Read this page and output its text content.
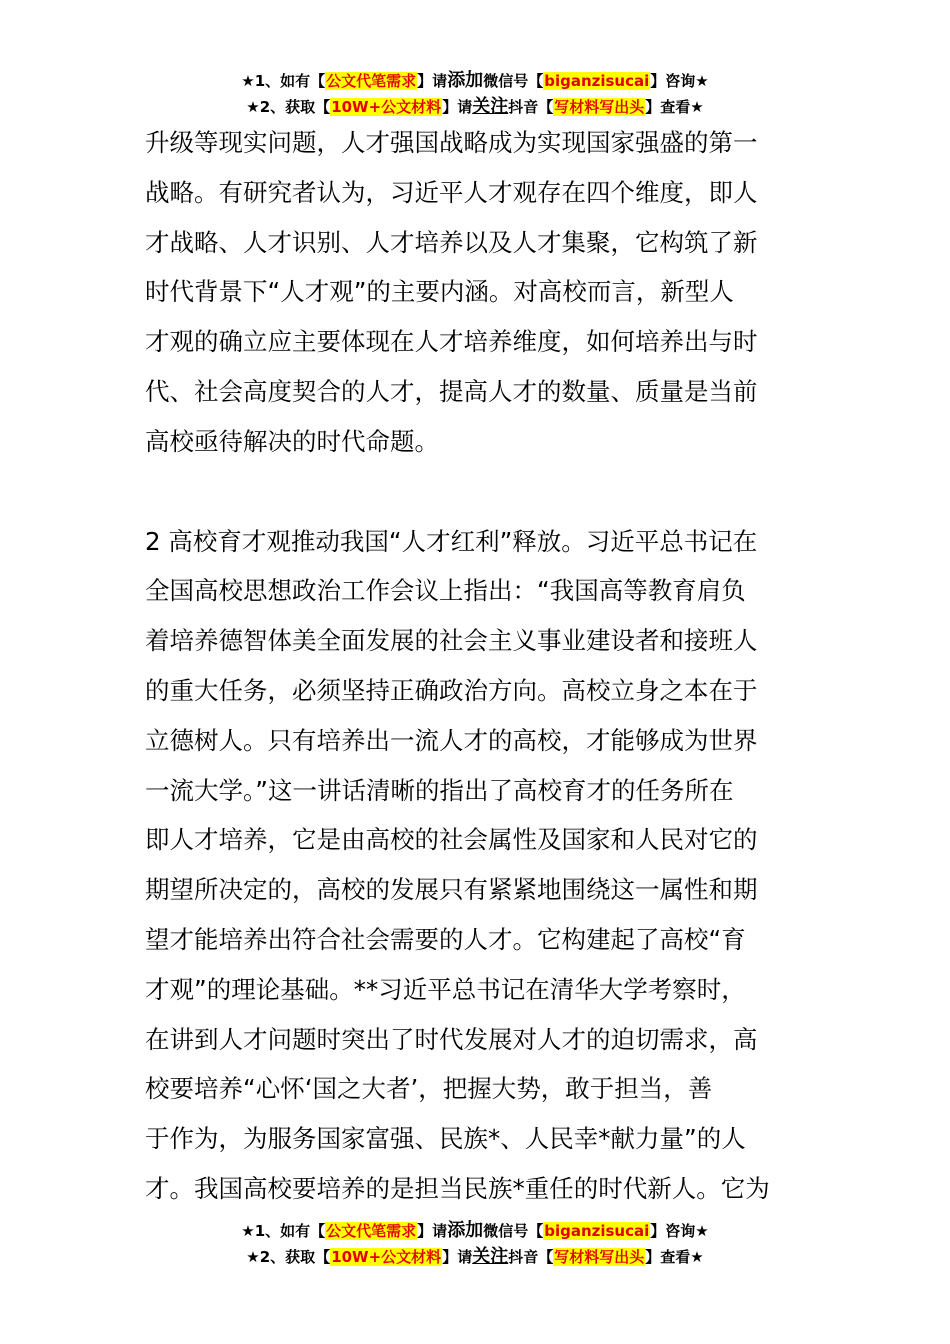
★1、如有【公文代笔需求】请添加微信号【biganzisucai】咨询★
★2、获取【10W+公文材料】请关注抖音【写材料写出头】查看★

升级等现实问题，人才强国战略成为实现国家强盛的第一
战略。有研究者认为，习近平人才观存在四个维度，即人
才战略、人才识别、人才培养以及人才集聚，它构筑了新
时代背景下“人才观”的主要内涵。对高校而言，新型人
才观的确立应主要体现在人才培养维度，如何培养出与时
代、社会高度契合的人才，提高人才的数量、质量是当前
高校亟待解决的时代命题。

2 高校育才观推动我国“人才红利”释放。习近平总书记在
全国高校思想政治工作会议上指出：“我国高等教育肩负
着培养德智体美全面发展的社会主义事业建设者和接班人
的重大任务，必须坚持正确政治方向。高校立身之本在于
立德树人。只有培养出一流人才的高校，才能够成为世界
一流大学。”这一讲话清晰的指出了高校育才的任务所在
即人才培养，它是由高校的社会属性及国家和人民对它的
期望所决定的，高校的发展只有紧紧地围绕这一属性和期
望才能培养出符合社会需要的人才。它构建起了高校“育
才观”的理论基础。**习近平总书记在清华大学考察时，
在讲到人才问题时突出了时代发展对人才的迫切需求，高
校要培养“心怀‘国之大者’，把握大势，敢于担当，善
于作为，为服务国家富强、民族*、人民幸*献力量”的人
才。我国高校要培养的是担当民族*重任的时代新人。它为

★1、如有【公文代笔需求】请添加微信号【biganzisucai】咨询★
★2、获取【10W+公文材料】请关注抖音【写材料写出头】查看★
